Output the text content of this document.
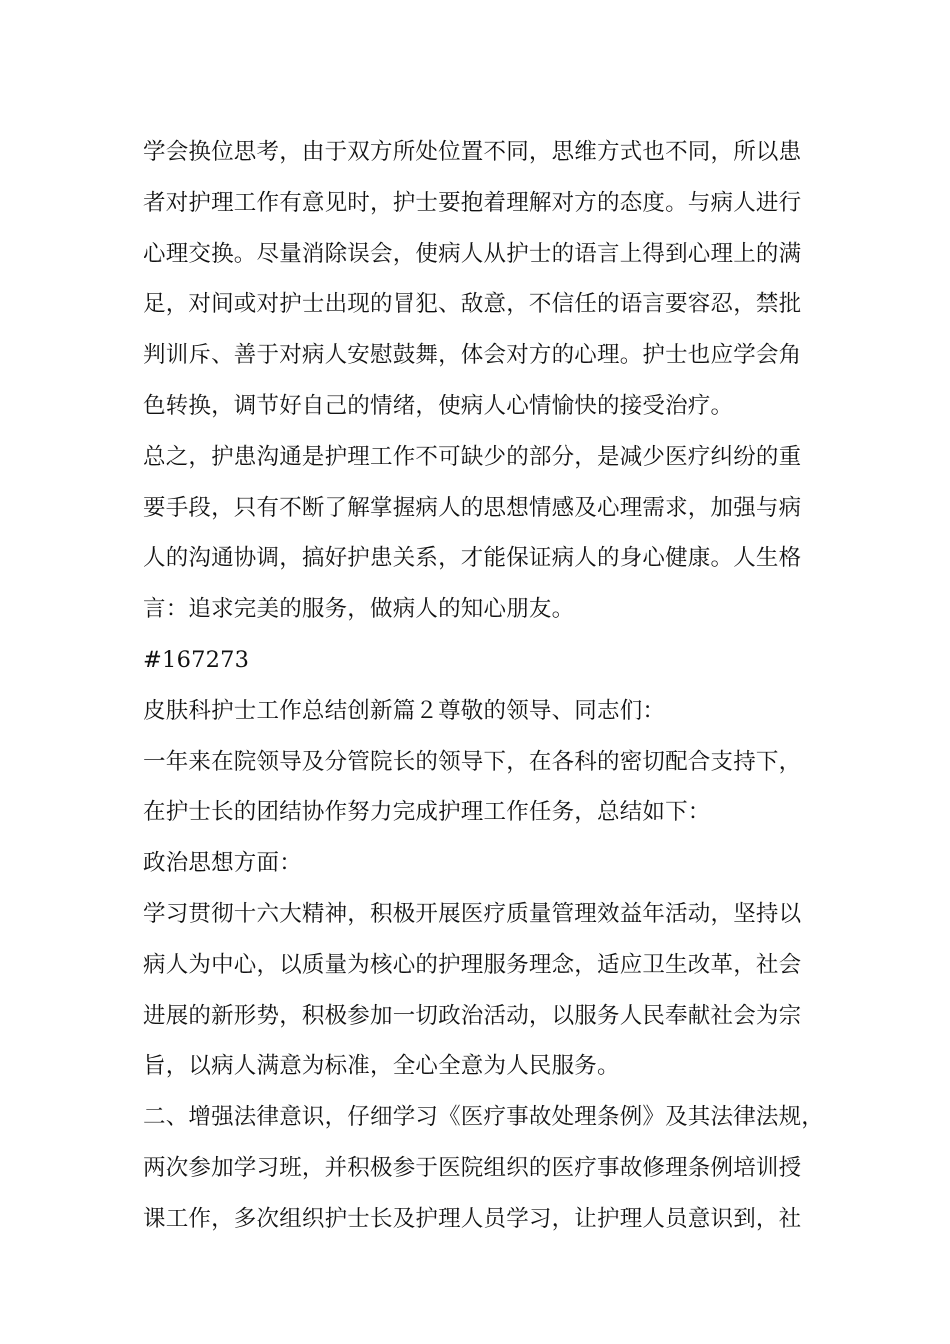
学会换位思考，由于双方所处位置不同，思维方式也不同，所以患
者对护理工作有意见时，护士要抱着理解对方的态度。与病人进行
心理交换。尽量消除误会，使病人从护士的语言上得到心理上的满
足，对间或对护士出现的冒犯、敌意，不信任的语言要容忍，禁批
判训斥、善于对病人安慰鼓舞，体会对方的心理。护士也应学会角
色转换，调节好自己的情绪，使病人心情愉快的接受治疗。
总之，护患沟通是护理工作不可缺少的部分，是减少医疗纠纷的重
要手段，只有不断了解掌握病人的思想情感及心理需求，加强与病
人的沟通协调，搞好护患关系，才能保证病人的身心健康。人生格
言：追求完美的服务，做病人的知心朋友。
#167273
皮肤科护士工作总结创新篇２尊敬的领导、同志们：
一年来在院领导及分管院长的领导下，在各科的密切配合支持下，
在护士长的团结协作努力完成护理工作任务，总结如下：
政治思想方面：
学习贯彻十六大精神，积极开展医疗质量管理效益年活动，坚持以
病人为中心，以质量为核心的护理服务理念，适应卫生改革，社会
进展的新形势，积极参加一切政治活动，以服务人民奉献社会为宗
旨，以病人满意为标准，全心全意为人民服务。
二、增强法律意识，仔细学习《医疗事故处理条例》及其法律法规，
两次参加学习班，并积极参于医院组织的医疗事故修理条例培训授
课工作，多次组织护士长及护理人员学习，让护理人员意识到，社
